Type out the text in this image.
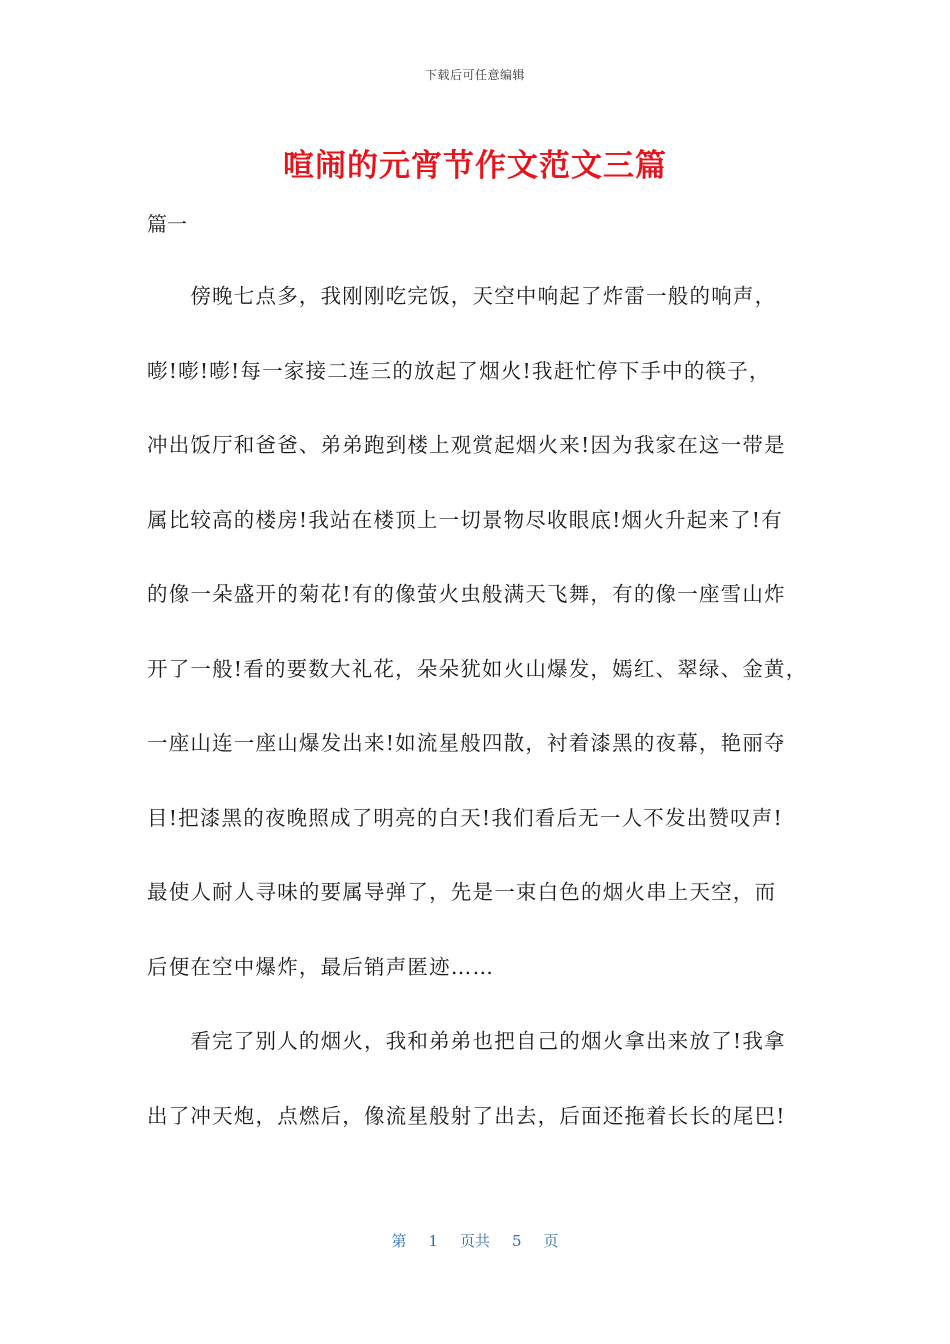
下载后可任意编辑
喧闹的元宵节作文范文三篇
篇一
　　傍晚七点多，我刚刚吃完饭，天空中响起了炸雷一般的响声，
嘭!嘭!嘭!每一家接二连三的放起了烟火!我赶忙停下手中的筷子，
冲出饭厅和爸爸、弟弟跑到楼上观赏起烟火来!因为我家在这一带是
属比较高的楼房!我站在楼顶上一切景物尽收眼底!烟火升起来了!有
的像一朵盛开的菊花!有的像萤火虫般满天飞舞，有的像一座雪山炸
开了一般!看的要数大礼花，朵朵犹如火山爆发，嫣红、翠绿、金黄，
一座山连一座山爆发出来!如流星般四散，衬着漆黑的夜幕，艳丽夺
目!把漆黑的夜晚照成了明亮的白天!我们看后无一人不发出赞叹声!
最使人耐人寻味的要属导弹了，先是一束白色的烟火串上天空，而
后便在空中爆炸，最后销声匿迹……
　　看完了别人的烟火，我和弟弟也把自己的烟火拿出来放了!我拿
出了冲天炮，点燃后，像流星般射了出去，后面还拖着长长的尾巴!
第 1 页共 5 页
